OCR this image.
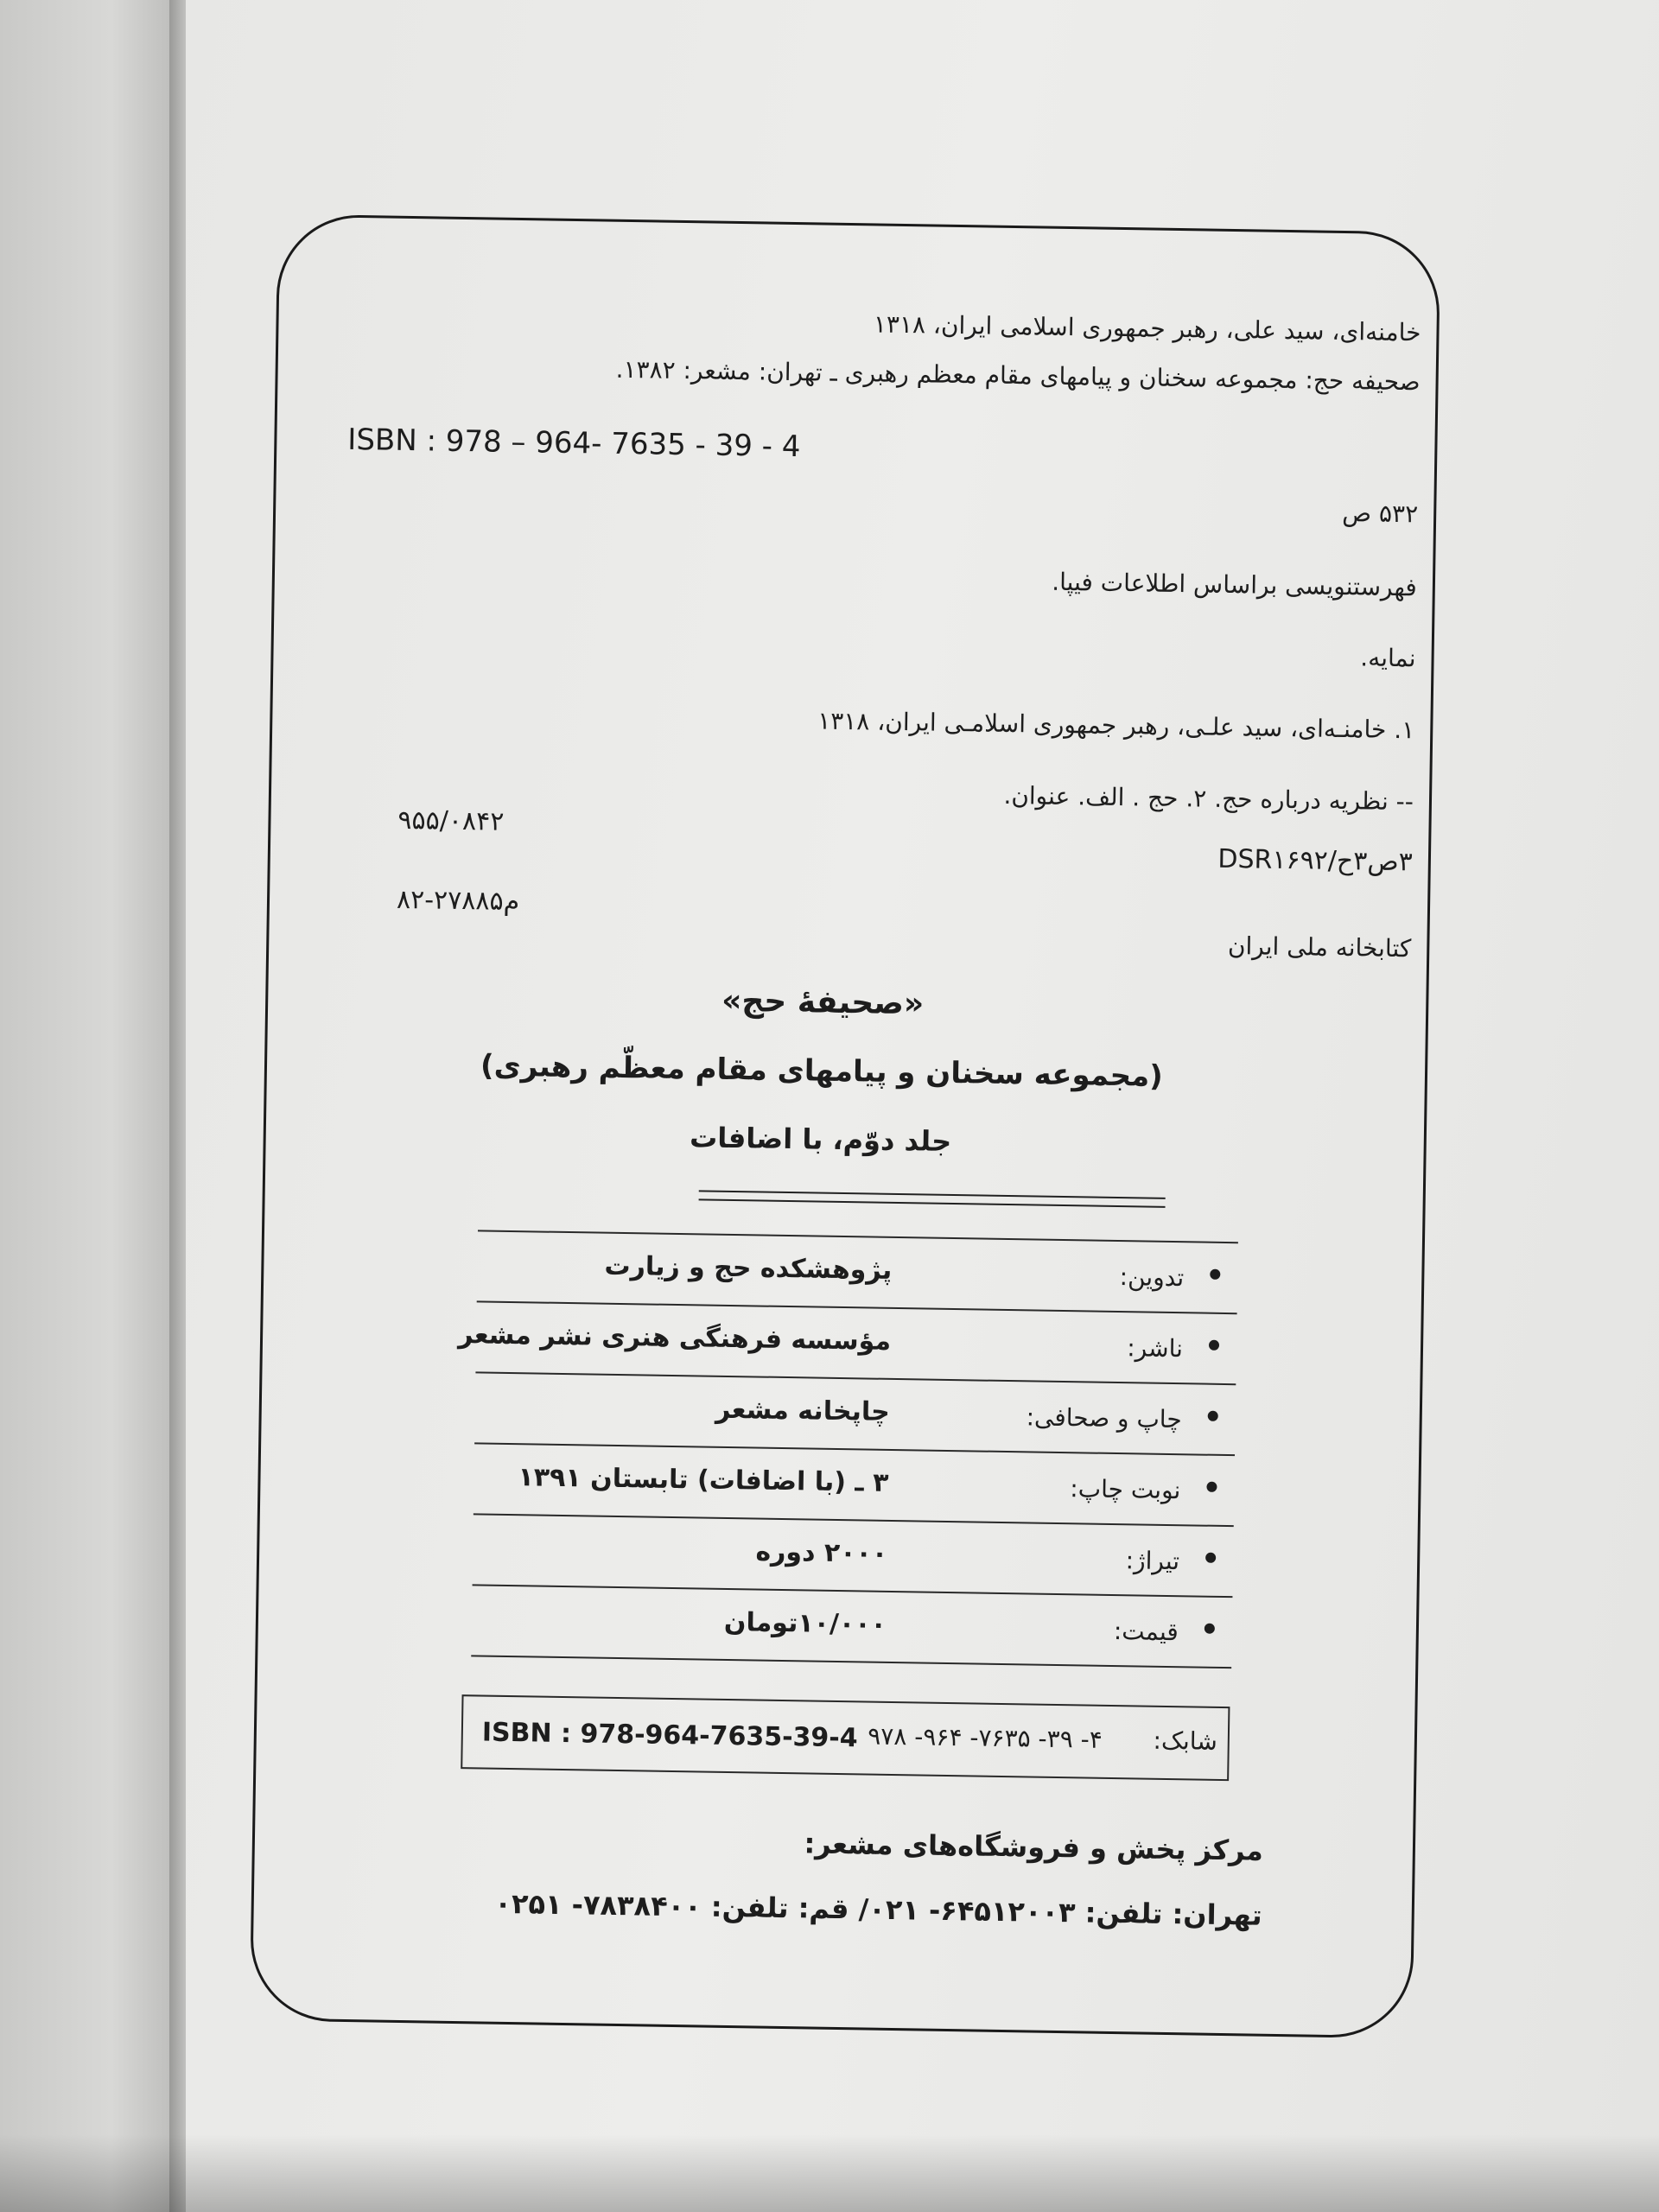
خامنه‌ای، سید علی، رهبر جمهوری اسلامی ایران، ۱۳۱۸
صحیفه حج: مجموعه سخنان و پیامهای مقام معظم رهبری ـ تهران: مشعر: ۱۳۸۲.
ISBN : 978 – 964- 7635 - 39 - 4
۵۳۲ ص
فهرستنویسی براساس اطلاعات فیپا.
نمایه.
۱. خامنـه‌ای، سید علـی، رهبر جمهوری اسلامـی ایران، ۱۳۱۸
-- نظریه درباره حج. ۲. حج . الف. عنوان.
۹۵۵/۰۸۴۲
۳ص۳ح/DSR۱۶۹۲
۸۲-۲۷۸۸۵م
کتابخانه ملی ایران
«صحیفۀ حج»
(مجموعه سخنان و پیامهای مقام معظّم رهبری)
جلد دوّم، با اضافات
تدوین:
پژوهشکده حج و زیارت
ناشر:
مؤسسه فرهنگی هنری نشر مشعر
چاپ و صحافی:
چاپخانه مشعر
نوبت چاپ:
۳ ـ (با اضافات) تابستان ۱۳۹۱
تیراژ:
۲۰۰۰ دوره
قیمت:
۱۰/۰۰۰تومان
شابک:
۴- ۳۹- ۷۶۳۵- ۹۶۴- ۹۷۸
ISBN : 978-964-7635-39-4
مرکز پخش و فروشگاه‌های مشعر:
تهران: تلفن: ۶۴۵۱۲۰۰۳- ۰۲۱/ قم: تلفن: ۷۸۳۸۴۰۰- ۰۲۵۱
